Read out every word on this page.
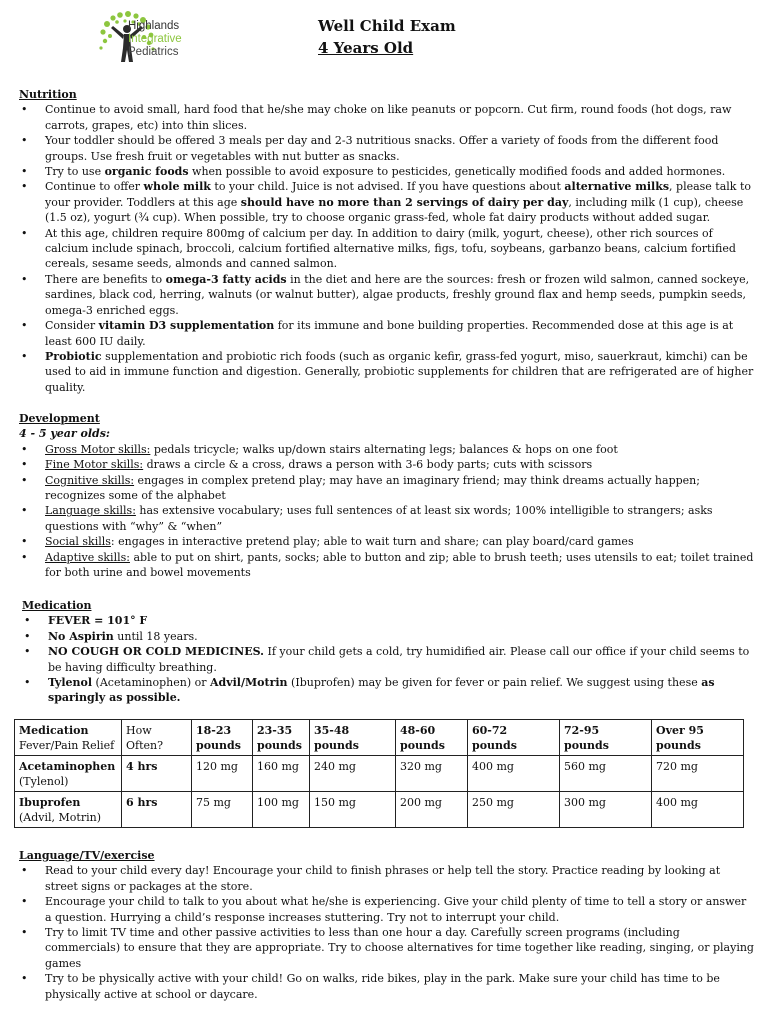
Highlands
Integrative
Pediatrics
Well Child Exam
4 Years Old
Nutrition
• Continue to avoid small, hard food that he/she may choke on like peanuts or popcorn. Cut firm, round foods (hot dogs, raw carrots, grapes, etc) into thin slices.
• Your toddler should be offered 3 meals per day and 2-3 nutritious snacks. Offer a variety of foods from the different food groups. Use fresh fruit or vegetables with nut butter as snacks.
• Try to use organic foods when possible to avoid exposure to pesticides, genetically modified foods and added hormones.
• Continue to offer whole milk to your child. Juice is not advised. If you have questions about alternative milks, please talk to your provider. Toddlers at this age should have no more than 2 servings of dairy per day, including milk (1 cup), cheese (1.5 oz), yogurt (¾ cup). When possible, try to choose organic grass-fed, whole fat dairy products without added sugar.
• At this age, children require 800mg of calcium per day. In addition to dairy (milk, yogurt, cheese), other rich sources of calcium include spinach, broccoli, calcium fortified alternative milks, figs, tofu, soybeans, garbanzo beans, calcium fortified cereals, sesame seeds, almonds and canned salmon.
• There are benefits to omega-3 fatty acids in the diet and here are the sources: fresh or frozen wild salmon, canned sockeye, sardines, black cod, herring, walnuts (or walnut butter), algae products, freshly ground flax and hemp seeds, pumpkin seeds, omega-3 enriched eggs.
• Consider vitamin D3 supplementation for its immune and bone building properties. Recommended dose at this age is at least 600 IU daily.
• Probiotic supplementation and probiotic rich foods (such as organic kefir, grass-fed yogurt, miso, sauerkraut, kimchi) can be used to aid in immune function and digestion. Generally, probiotic supplements for children that are refrigerated are of higher quality.
Development
4 - 5 year olds:
• Gross Motor skills: pedals tricycle; walks up/down stairs alternating legs; balances & hops on one foot
• Fine Motor skills: draws a circle & a cross, draws a person with 3-6 body parts; cuts with scissors
• Cognitive skills: engages in complex pretend play; may have an imaginary friend; may think dreams actually happen; recognizes some of the alphabet
• Language skills: has extensive vocabulary; uses full sentences of at least six words; 100% intelligible to strangers; asks questions with “why” & “when”
• Social skills: engages in interactive pretend play; able to wait turn and share; can play board/card games
• Adaptive skills: able to put on shirt, pants, socks; able to button and zip; able to brush teeth; uses utensils to eat; toilet trained for both urine and bowel movements
Medication
• FEVER = 101° F
• No Aspirin until 18 years.
• NO COUGH OR COLD MEDICINES. If your child gets a cold, try humidified air. Please call our office if your child seems to be having difficulty breathing.
• Tylenol (Acetaminophen) or Advil/Motrin (Ibuprofen) may be given for fever or pain relief. We suggest using these as sparingly as possible.
Medication
Fever/Pain Relief	How Often?	18-23 pounds	23-35 pounds	35-48 pounds	48-60 pounds	60-72 pounds	72-95 pounds	Over 95 pounds
Acetaminophen
(Tylenol)	4 hrs	120 mg	160 mg	240 mg	320 mg	400 mg	560 mg	720 mg
Ibuprofen
(Advil, Motrin)	6 hrs	75 mg	100 mg	150 mg	200 mg	250 mg	300 mg	400 mg
Language/TV/exercise
• Read to your child every day! Encourage your child to finish phrases or help tell the story. Practice reading by looking at street signs or packages at the store.
• Encourage your child to talk to you about what he/she is experiencing. Give your child plenty of time to tell a story or answer a question. Hurrying a child’s response increases stuttering. Try not to interrupt your child.
• Try to limit TV time and other passive activities to less than one hour a day. Carefully screen programs (including commercials) to ensure that they are appropriate. Try to choose alternatives for time together like reading, singing, or playing games
• Try to be physically active with your child! Go on walks, ride bikes, play in the park. Make sure your child has time to be physically active at school or daycare.
